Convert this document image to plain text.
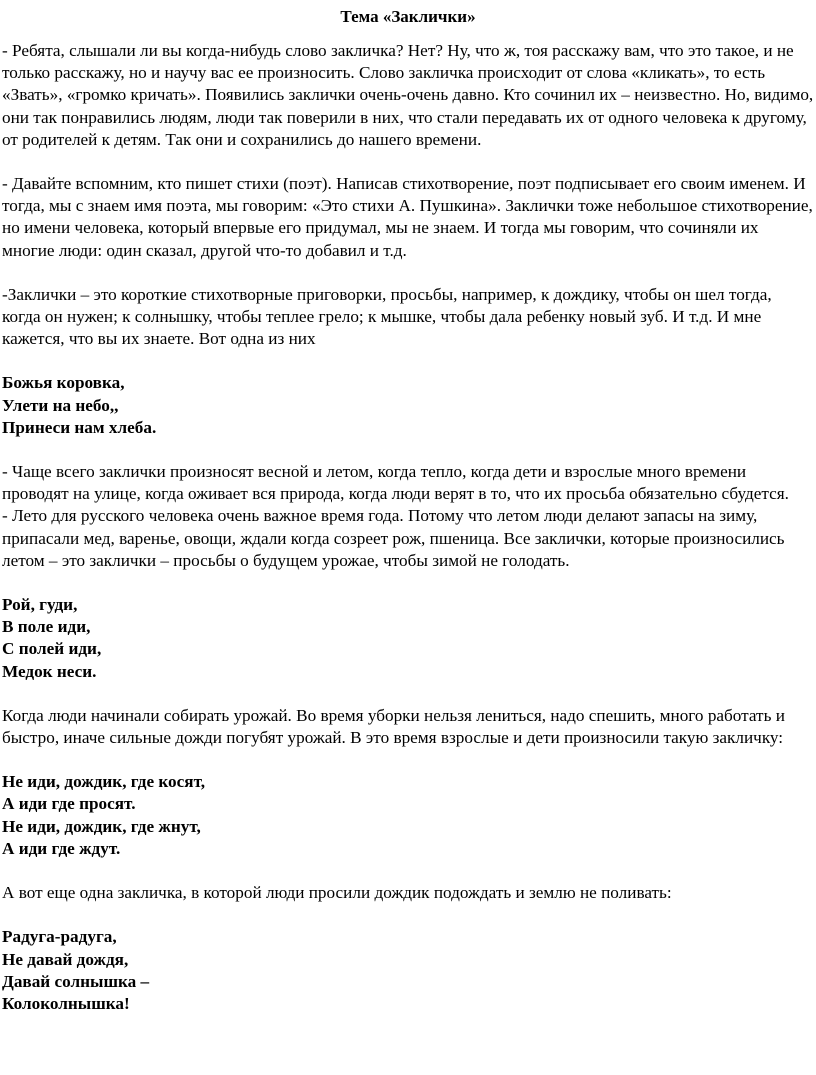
Тема «Заклички»

- Ребята, слышали ли вы когда-нибудь слово закличка? Нет? Ну, что ж, тоя расскажу вам, что это такое, и не только расскажу, но и научу вас ее произносить. Слово закличка происходит от слова «кликать», то есть «Звать», «громко кричать». Появились заклички очень-очень давно. Кто сочинил их – неизвестно. Но, видимо, они так понравились людям, люди так поверили в них, что стали передавать их от одного человека к другому, от родителей к детям. Так они и сохранились до нашего времени.

- Давайте вспомним, кто пишет стихи (поэт). Написав стихотворение, поэт подписывает его своим именем. И тогда, мы с знаем имя поэта, мы говорим: «Это стихи А. Пушкина». Заклички тоже небольшое стихотворение, но имени человека, который впервые его придумал, мы не знаем. И тогда мы говорим, что сочиняли их многие люди: один сказал, другой что-то добавил и т.д.

-Заклички – это короткие стихотворные приговорки, просьбы, например, к дождику, чтобы он шел тогда, когда он нужен; к солнышку, чтобы теплее грело; к мышке, чтобы дала ребенку новый зуб. И т.д. И мне кажется, что вы их знаете. Вот одна из них

Божья коровка,
Улети на небо,,
Принеси нам хлеба.

- Чаще всего заклички произносят весной и летом, когда тепло, когда дети и взрослые много времени проводят на улице, когда оживает вся природа, когда люди верят в то, что их просьба обязательно сбудется.

- Лето для русского человека очень важное время года. Потому что летом люди делают запасы на зиму, припасали мед, варенье, овощи, ждали когда созреет рож, пшеница. Все заклички, которые произносились летом – это заклички – просьбы о будущем урожае, чтобы зимой не голодать.

Рой, гуди,
В поле иди,
С полей иди,
Медок неси.

Когда люди начинали собирать урожай. Во время уборки нельзя лениться, надо спешить, много работать и быстро, иначе сильные дожди погубят урожай. В это время взрослые и дети произносили такую закличку:

Не иди, дождик, где косят,
А иди где просят.
Не иди, дождик, где жнут,
А иди где ждут.

А вот еще одна закличка, в которой люди просили дождик подождать и землю не поливать:

Радуга-радуга,
Не давай дождя,
Давай солнышка –
Колоколнышка!
